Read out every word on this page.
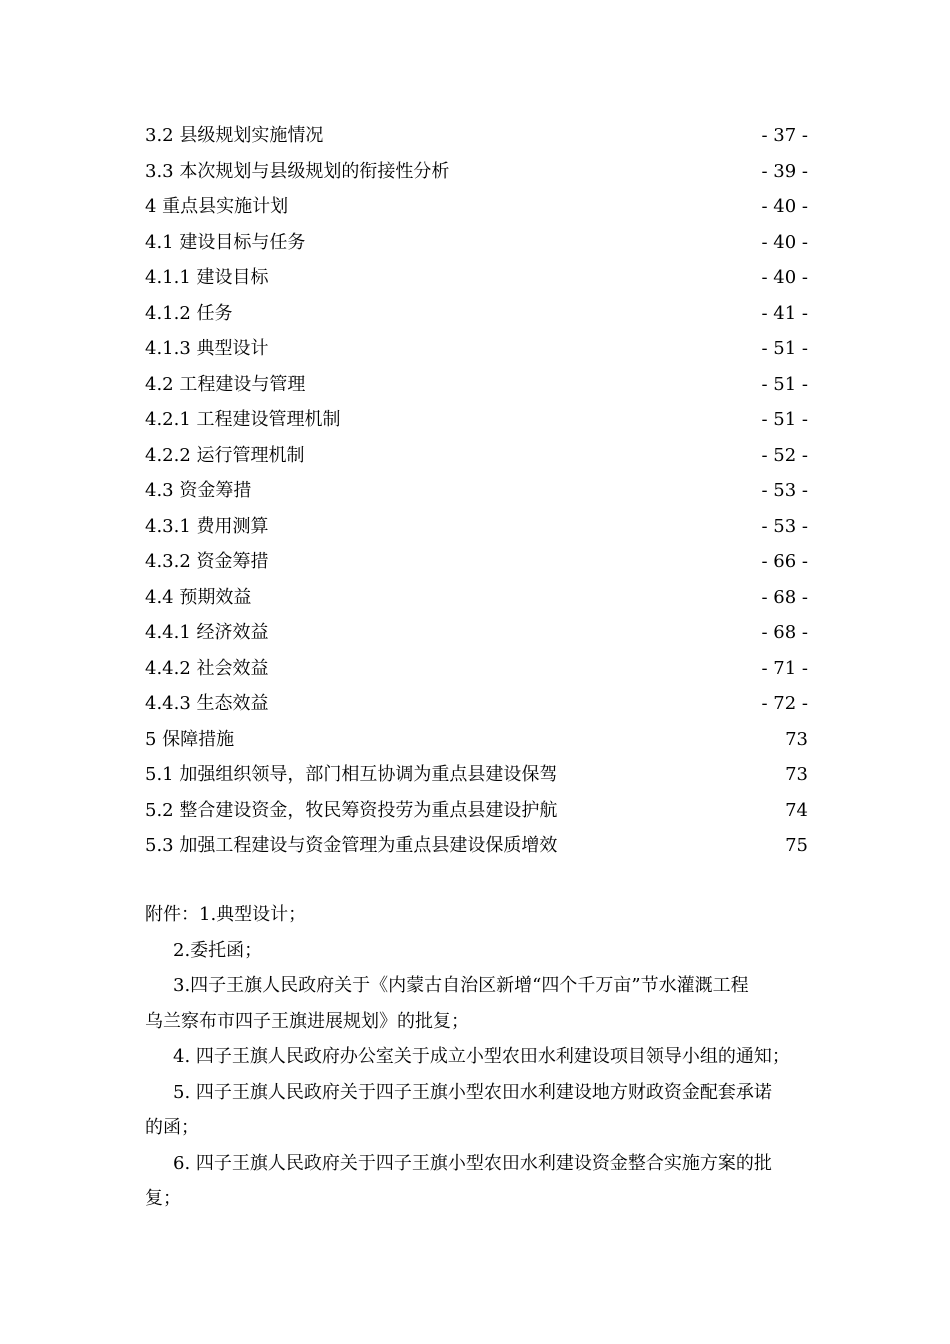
3.2 县级规划实施情况	- 37 -
3.3 本次规划与县级规划的衔接性分析	- 39 -
4 重点县实施计划	- 40 -
4.1 建设目标与任务	- 40 -
4.1.1 建设目标	- 40 -
4.1.2 任务	- 41 -
4.1.3 典型设计	- 51 -
4.2 工程建设与管理	- 51 -
4.2.1 工程建设管理机制	- 51 -
4.2.2 运行管理机制	- 52 -
4.3 资金筹措	- 53 -
4.3.1 费用测算	- 53 -
4.3.2 资金筹措	- 66 -
4.4 预期效益	- 68 -
4.4.1 经济效益	- 68 -
4.4.2 社会效益	- 71 -
4.4.3 生态效益	- 72 -
5 保障措施	73
5.1 加强组织领导，部门相互协调为重点县建设保驾	73
5.2 整合建设资金，牧民筹资投劳为重点县建设护航	74
5.3 加强工程建设与资金管理为重点县建设保质增效	75
附件：1.典型设计；
2.委托函；
3.四子王旗人民政府关于《内蒙古自治区新增“四个千万亩”节水灌溉工程
乌兰察布市四子王旗进展规划》的批复；
4. 四子王旗人民政府办公室关于成立小型农田水利建设项目领导小组的通知；
5. 四子王旗人民政府关于四子王旗小型农田水利建设地方财政资金配套承诺
的函；
6. 四子王旗人民政府关于四子王旗小型农田水利建设资金整合实施方案的批
复；
